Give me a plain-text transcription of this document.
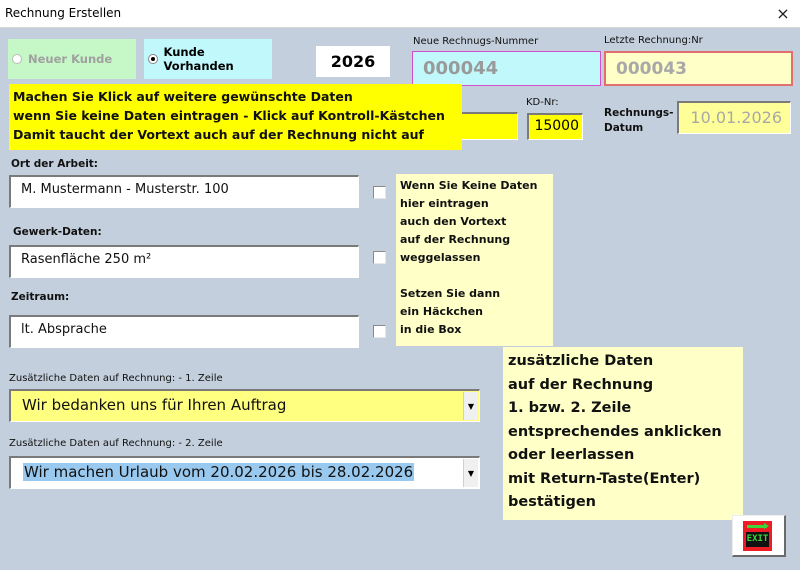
Rechnung Erstellen	×
Neuer Kunde	Kunde Vorhanden	2026
Neue Rechnugs-Nummer
000044
Letzte Rechnung:Nr
000043
Machen Sie Klick auf weitere gewünschte Daten
wenn Sie keine Daten eintragen - Klick auf Kontroll-Kästchen
Damit taucht der Vortext auch auf der Rechnung nicht auf
KD-Nr:
15000
Rechnungs-
Datum
10.01.2026
Ort der Arbeit:
M. Mustermann - Musterstr. 100
Gewerk-Daten:
Rasenfläche 250 m²
Zeitraum:
lt. Absprache
Wenn Sie Keine Daten
hier eintragen
auch den Vortext
auf der Rechnung
weggelassen
Setzen Sie dann
ein Häckchen
in die Box
Zusätzliche Daten auf Rechnung: - 1. Zeile
Wir bedanken uns für Ihren Auftrag	▼
Zusätzliche Daten auf Rechnung: - 2. Zeile
Wir machen Urlaub vom 20.02.2026 bis 28.02.2026	▼
zusätzliche Daten
auf der Rechnung
1. bzw. 2. Zeile
entsprechendes anklicken
oder leerlassen
mit Return-Taste(Enter)
bestätigen
EXIT
